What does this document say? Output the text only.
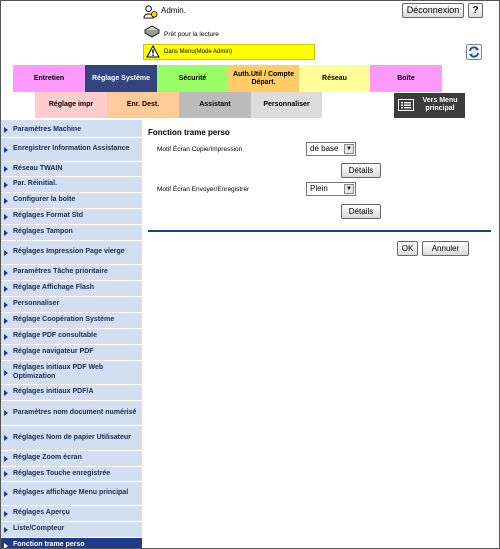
Admin.	Déconnexion	?
Prêt pour la lecture
Dans Menu(Mode Admin)
Entretien	Réglage Système	Sécurité
Auth.Util / Compte Départ.
Réseau	Boîte
Réglage impr	Enr. Dest.	Assistant	Personnaliser
Vers Menu principal
Paramètres Machine
Enregistrer Information Assistance
Réseau TWAIN
Par. Réinitial.
Configurer la boîte
Réglages Format Std
Réglages Tampon
Réglages Impression Page vierge
Paramètres Tâche prioritaire
Réglage Affichage Flash
Personnaliser
Réglage Coopération Système
Réglage PDF consultable
Réglage navigateur PDF
Réglages initiaux PDF Web Optimization
Réglages initiaux PDF/A
Paramètres nom document numérisé
Réglages Nom de papier Utilisateur
Réglage Zoom écran
Réglages Touche enregistrée
Réglages affichage Menu principal
Réglages Aperçu
Liste/Compteur
Fonction trame perso
Fonction trame perso
Motif Écran Copie/Impression	de base	▼
Détails
Motif Écran Envoyer/Enregistrer	Plein	▼
Détails
OK	Annuler
